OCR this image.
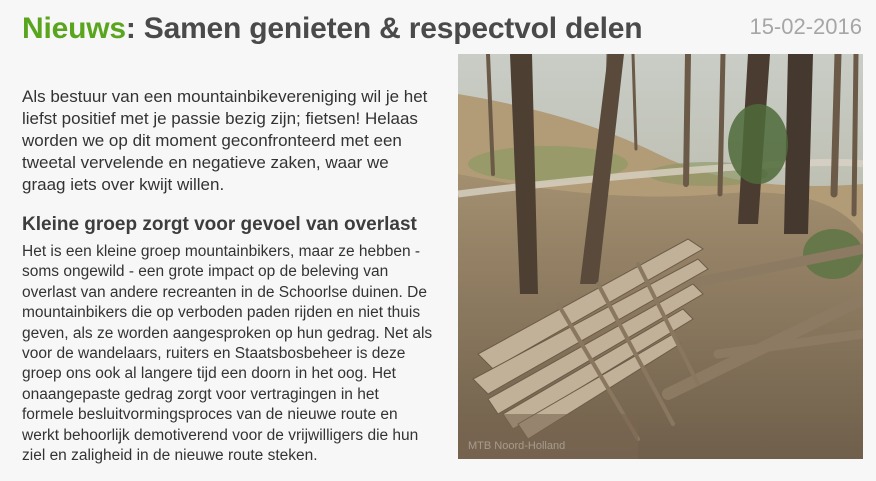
Nieuws: Samen genieten & respectvol delen	15-02-2016

Als bestuur van een mountainbikevereniging wil je het liefst positief met je passie bezig zijn; fietsen! Helaas worden we op dit moment geconfronteerd met een tweetal vervelende en negatieve zaken, waar we graag iets over kwijt willen.

Kleine groep zorgt voor gevoel van overlast

Het is een kleine groep mountainbikers, maar ze hebben - soms ongewild - een grote impact op de beleving van overlast van andere recreanten in de Schoorlse duinen. De mountainbikers die op verboden paden rijden en niet thuis geven, als ze worden aangesproken op hun gedrag. Net als voor de wandelaars, ruiters en Staatsbosbeheer is deze groep ons ook al langere tijd een doorn in het oog. Het onaangepaste gedrag zorgt voor vertragingen in het formele besluitvormingsproces van de nieuwe route en werkt behoorlijk demotiverend voor de vrijwilligers die hun ziel en zaligheid in de nieuwe route steken.

MTB Noord-Holland
